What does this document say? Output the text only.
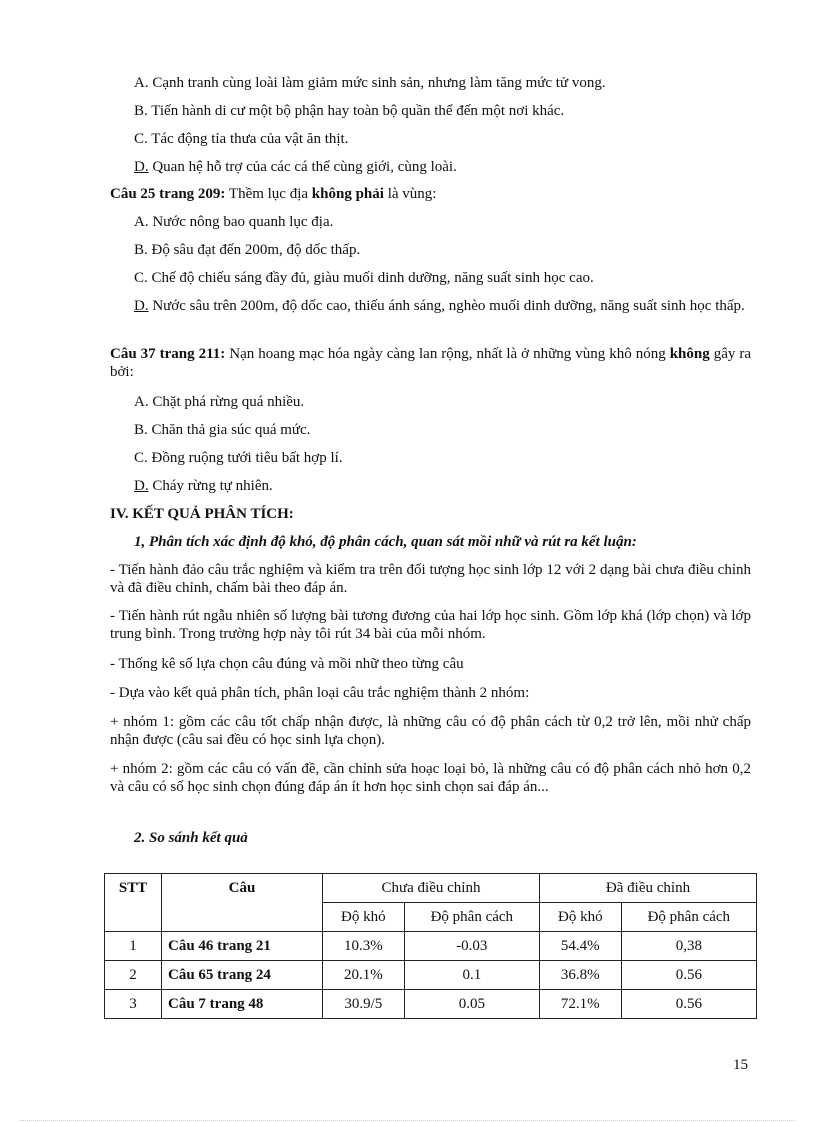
A. Cạnh tranh cùng loài làm giảm mức sinh sản, nhưng làm tăng mức tử vong.
B. Tiến hành di cư một bộ phận hay toàn bộ quần thể đến một nơi khác.
C. Tác động tỉa thưa của vật ăn thịt.
D. Quan hệ hỗ trợ của các cá thể cùng giới, cùng loài.
Câu 25 trang 209: Thềm lục địa không phải là vùng:
A. Nước nông bao quanh lục địa.
B. Độ sâu đạt đến 200m, độ dốc thấp.
C. Chế độ chiếu sáng đầy đủ, giàu muối dinh dưỡng, năng suất sinh học cao.
D. Nước sâu trên 200m, độ dốc cao, thiếu ánh sáng, nghèo muối dinh dưỡng, năng suất sinh học thấp.
Câu 37 trang 211: Nạn hoang mạc hóa ngày càng lan rộng, nhất là ở những vùng khô nóng không gây ra bởi:
A. Chặt phá rừng quá nhiều.
B. Chăn thả gia súc quá mức.
C. Đồng ruộng tưới tiêu bất hợp lí.
D. Cháy rừng tự nhiên.
IV. KẾT QUẢ PHÂN TÍCH:
1, Phân tích xác định độ khó, độ phân cách, quan sát mồi nhữ và rút ra kết luận:
- Tiến hành đảo câu trắc nghiệm và kiểm tra trên đối tượng học sinh lớp 12 với 2 dạng bài chưa điều chỉnh và đã điều chỉnh, chấm bài theo đáp án.
- Tiến hành rút ngẫu nhiên số lượng bài tương đương của hai lớp học sinh. Gồm lớp khá (lớp chọn) và lớp trung bình. Trong trường hợp này tôi rút 34 bài của mỗi nhóm.
- Thống kê số lựa chọn câu đúng và mồi nhữ theo từng câu
- Dựa vào kết quả phân tích, phân loại câu trắc nghiệm thành 2 nhóm:
+ nhóm 1: gồm các câu tốt chấp nhận được, là những câu có độ phân cách từ 0,2 trở lên, mồi nhử chấp nhận được (câu sai đều có học sinh lựa chọn).
+ nhóm 2: gồm các câu có vấn đề, cần chỉnh sửa hoạc loại bỏ, là những câu có độ phân cách nhỏ hơn 0,2 và câu có số học sinh chọn đúng đáp án ít hơn học sinh chọn sai đáp án...
2. So sánh kết quả
STT	Câu	Chưa điều chỉnh		Đã điều chỉnh	
		Độ khó	Độ phân cách	Độ khó	Độ phân cách
1	Câu 46 trang 21	10.3%	-0.03	54.4%	0,38
2	Câu 65 trang 24	20.1%	0.1	36.8%	0.56
3	Câu 7 trang 48	30.9/5	0.05	72.1%	0.56
15
